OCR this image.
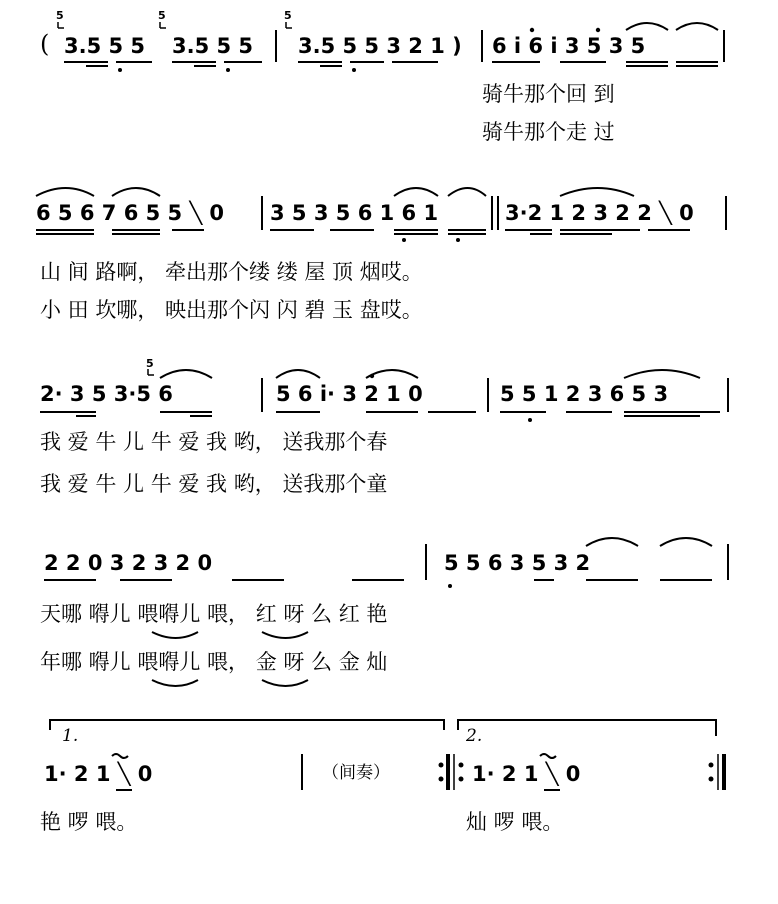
( 3.5 5 5 3.5 5 5 3.5 5 5 3 2 1 ) 6 i 6 i 3 5 3 5
5	5	5
骑牛那个回 到
骑牛那个走 过
6 5 6 7 6 5 5 ╲ 0 3 5 3 5 6 1 6 1	3·2 1 2 3 2 2 ╲ 0
山 间 路啊， 牵出那个缕 缕 屋 顶 烟哎。
小 田 坎哪， 映出那个闪 闪 碧 玉 盘哎。
5
2· 3 5 3·5 6	5 6 i· 3 2 1 0	5 5 1 2 3 6 5 3
我 爱 牛 儿 牛 爱 我 哟， 送我那个春
我 爱 牛 儿 牛 爱 我 哟， 送我那个童
2 2 0 3 2 3 2 0	5 5 6 3 5 3 2
天哪 嘚儿 喂嘚儿 喂， 红 呀 么 红 艳
年哪 嘚儿 喂嘚儿 喂， 金 呀 么 金 灿
1.	2.
1· 2 1 ╲ 0	（间奏）	1· 2 1 ╲ 0
艳 啰 喂。	灿 啰 喂。
